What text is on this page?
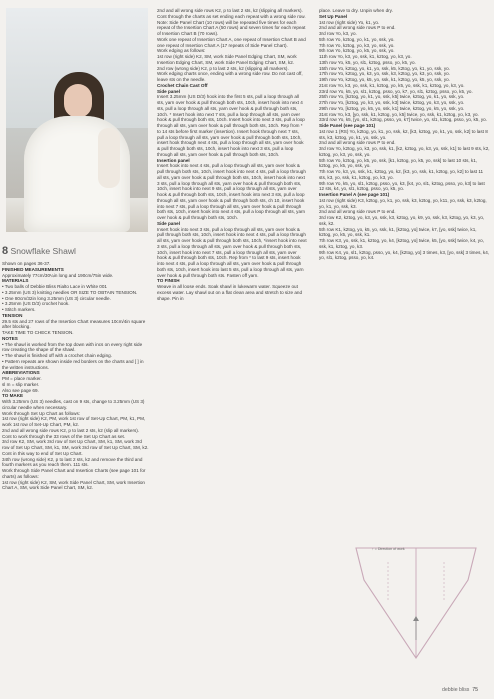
8 Snowflake Shawl

Shown on pages 36-37.

FINISHED MEASUREMENTS

Approximately 77cm/30¼in long and 190cm/75in wide.

MATERIALS

• Two balls of Debbie Bliss Rialto Lace in White 001

• 3.25mm (US 3) knitting needles OR SIZE TO OBTAIN TENSION.

• One 80cm/32in long 3.25mm (US 3) circular needle.

• 3.25mm (US D/3) crochet hook.

• Stitch markers.

TENSION

29.5 sts and 27 rows of the Insertion Chart measures 10cm/4in square after blocking.

TAKE TIME TO CHECK TENSION.

NOTES

• The shawl is worked from the top down with incs on every right side row creating the shape of the shawl.

• The shawl is finished off with a crochet chain edging.

• Pattern repeats are shown inside red borders on the charts and [ ] in the written instructions.

ABBREVIATIONS

PM = place marker.

sl m = slip marker.

Also see page 69.

TO MAKE

With 3.25mm (US 3) needles, cast on 9 sts, change to 3.25mm (US 3) circular needle when necessary.

Work through Set Up Chart as follows:

1st row (right side) K2, PM, work 1st row of Set-Up Chart, PM, k1, PM, work 1st row of Set-Up Chart, PM, k2.

2nd and all wrong side rows K2, p to last 2 sts, k2 (slip all markers).

Cont to work through the 33 rows of the Set Up Chart as set.

3rd row K2, SM, work 3rd row of Set Up Chart, SM, k1, SM, work 3rd row of Set Up Chart, SM, k1, SM, work 3rd row of Set Up Chart, SM, k2.

Cont in this way to end of Set Up Chart.

34th row (wrong side) K2, p to last 2 sts, k2 and remove the third and fourth markers as you reach them. 111 sts.

Work through Side Panel Chart and Insertion Charts (see page 101 for charts) as follows:

1st row (right side) K2, SM, work Side Panel Chart, SM, work Insertion Chart A, SM, work Side Panel Chart, SM, k2.

2nd and all wrong side rows K2, p to last 2 sts, k2 (slipping all markers).

Cont through the charts as set ending each repeat with a wrong side row.

Note: Side Panel Chart (10 rows) will be repeated five times for each repeat of the Insertion Chart A (50 rows) and seven times for each repeat of Insertion Chart B (70 rows).

Work one repeat of Insertion Chart A, one repeat of Insertion Chart B and one repeat of Insertion Chart A (17 repeats of Side Panel Chart).

Work edging as follows:

1st row (right side) K2, SM, work Side Panel Edging Chart, SM, work Insertion Edging Chart, SM, work Side Panel Edging Chart, SM, k2.

2nd row (wrong side) K2, p to last 2 sts, k2 (slipping all markers).

Work edging charts once, ending with a wrong side row. Do not cast off, leave sts on the needle.

Crochet Chain Cast Off

Side panel

Insert 3.25mm (US D/3) hook into the first 5 sts, pull a loop through all sts, yarn over hook & pull through both sts, 10ch, insert hook into next 4 sts, pull a loop through all sts, yarn over hook & pull through both sts, 10ch. * Insert hook into next 7 sts, pull a loop through all sts, yarn over hook & pull through both sts, 10ch. Insert hook into next 3 sts, pull a loop through all sts, yarn over hook & pull through both sts, 10ch. Rep from * to 14 sts before first marker (insertion). Insert hook through next 7 sts, pull a loop through all sts, yarn over hook & pull through both sts, 10ch, insert hook through next 4 sts, pull a loop through all sts, yarn over hook & pull through both sts, 10ch, insert hook into next 3 sts, pull a loop through all sts, yarn over hook & pull through both sts, 10ch.

Insertion panel

Insert hook into next 4 sts, pull a loop through all sts, yarn over hook & pull through both sts, 10ch, insert hook into next 4 sts, pull a loop through all sts, yarn over hook & pull through both sts, 10ch, insert hook into next 3 sts, pull a loop through all sts, yarn over hook & pull through both sts, 10ch, insert hook into next 9 sts, pull a loop through all sts, yarn over hook & pull through both sts, 10ch, insert hook into next 3 sts, pull a loop through all sts, yarn over hook & pull through both sts, ch 10, insert hook into next 7 sts, pull a loop through all sts, yarn over hook & pull through both sts, 10ch, insert hook into next 4 sts, pull a loop through all sts, yarn over hook & pull through both sts, 10ch.

Side panel

Insert hook into next 3 sts, pull a loop through all sts, yarn over hook & pull through both sts, 10ch, insert hook into next 4 sts, pull a loop through all sts, yarn over hook & pull through both sts, 10ch, *insert hook into next 3 sts, pull a loop through all sts, yarn over hook & pull through both sts, 10ch, insert hook into next 7 sts, pull a loop through all sts, yarn over hook & pull through both sts, 10ch. Rep from * to last 9 sts, insert hook into next 4 sts, pull a loop through all sts, yarn over hook & pull through both sts, 10ch, insert hook into last 5 sts, pull a loop through all sts, yarn over hook & pull through both sts. Fasten off yarn.

TO FINISH

Weave in all loose ends. Soak shawl in lukewarm water. Squeeze out excess water. Lay shawl out on a flat clean area and stretch to size and shape. Pin in

place. Leave to dry. Unpin when dry.

Set Up Panel

1st row (right side) Yo, k1, yo.

2nd and all wrong side rows P to end.

3rd row Yo, k3, yo.

5th row Yo, k2tog, yo, k1, yo, ssk, yo.

7th row Yo, k2tog, yo, k3, yo, ssk, yo.

9th row Yo, k2tog, yo, k5, yo, ssk, yo.

11th row Yo, k3, yo, ssk, k1, k2tog, yo, k3, yo.

13th row Yo, k5, yo, sl1, k2tog, psso, yo, k5, yo.

15th row Yo, k2tog, yo, k1, yo, ssk, k5, k2tog, yo, k1, yo, ssk, yo.

17th row Yo, k2tog, yo, k3, yo, ssk, k3, k2tog, yo, k3, yo, ssk, yo.

19th row Yo, k2tog, yo, k5, yo, ssk, k1, k2tog, yo, k5, yo, ssk, yo.

21st row Yo, k3, yo, ssk, k1, k2tog, yo, k5, yo, ssk, k1, k2tog, yo, k3, yo.

23rd row Yo, k5, yo, sl1, k2tog, psso, yo, k7, yo, sl1, k2tog, psso, yo, k5, yo.

25th row Yo, [k2tog, yo, k1, yo, ssk, k5] twice, k2tog, yo, k1, yo, ssk, yo.

27th row Yo, [k2tog, yo, k3, yo, ssk, k3] twice, k2tog, yo, k3, yo, ssk, yo.

29th row Yo, [k2tog, yo, k5, yo, ssk, k1] twice, k2tog, yo, k5, yo, ssk, yo.

31st row Yo, k3, [yo, ssk, k1, k2tog, yo, k5] twice, yo, ssk, k1, k2tog, yo, k3, yo.

33rd row Yo, k5, [yo, sl1, k2tog, psso, yo, k7] twice, yo, sl1, k2tog, psso, yo, k5, yo.

Side Panel (see page 101)

1st row 1 (RS) Yo, k2tog, yo, k1, yo, ssk, k2, [k3, k2tog, yo, k1, yo, ssk, k2] to last 8 sts, k3, k2tog, yo, k1, yo, ssk, yo.

2nd and all wrong side rows P to end.

3rd row Yo, k2tog, yo, k3, yo, ssk, k1, [k2, k2tog, yo, k3, yo, ssk, k1] to last 9 sts, k2, k2tog, yo, k3, yo, ssk, yo.

5th row Yo, k2tog, yo, k5, yo, ssk, [k1, k2tog, yo, k5, yo, ssk] to last 10 sts, k1, k2tog, yo, k5, yo, ssk, yo.

7th row Yo, k3, yo, ssk, k1, k2tog, yo, k2, [k3, yo, ssk, k1, k2tog, yo, k2] to last 11 sts, k3, yo, ssk, k1, k2tog, yo, k3, yo.

9th row Yo, k5, yo, sl1, k2tog, psso, yo, k3, [k4, yo, sl1, k2tog, psso, yo, k3] to last 12 sts, k4, yo, sl1, k2tog, psso, yo, k5, yo.

Insertion Panel A (see page 101)

1st row (right side) K3, k2tog, yo, k1, yo, ssk, k3, k2tog, yo, k11, yo, ssk, k3, k2tog, yo, k1, yo, ssk, k3.

2nd and all wrong side rows P to end.

3rd row K2, k2tog, yo, k3, yo, ssk, k3, k2tog, yo, k9, yo, ssk, k3, k2tog, yo, k3, yo, ssk, k2.

5th row K1, k2tog, yo, k5, yo, ssk, k1, [k2tog, yo] twice, k7, [yo, ssk] twice, k1, k2tog, yo, k5, yo, ssk, k1.

7th row K3, yo, ssk, k1, k2tog, yo, k4, [k2tog, yo] twice, k5, [yo, ssk] twice, k4, yo, ssk, k1, k2tog, yo, k3.

9th row K4, yo, sl1, k2tog, psso, yo, k4, [k2tog, yo] 3 times, k3, [yo, ssk] 3 times, k4, yo, sl1, k2tog, psso, yo, k4.

↑ = Direction of work
debbie bliss 75
